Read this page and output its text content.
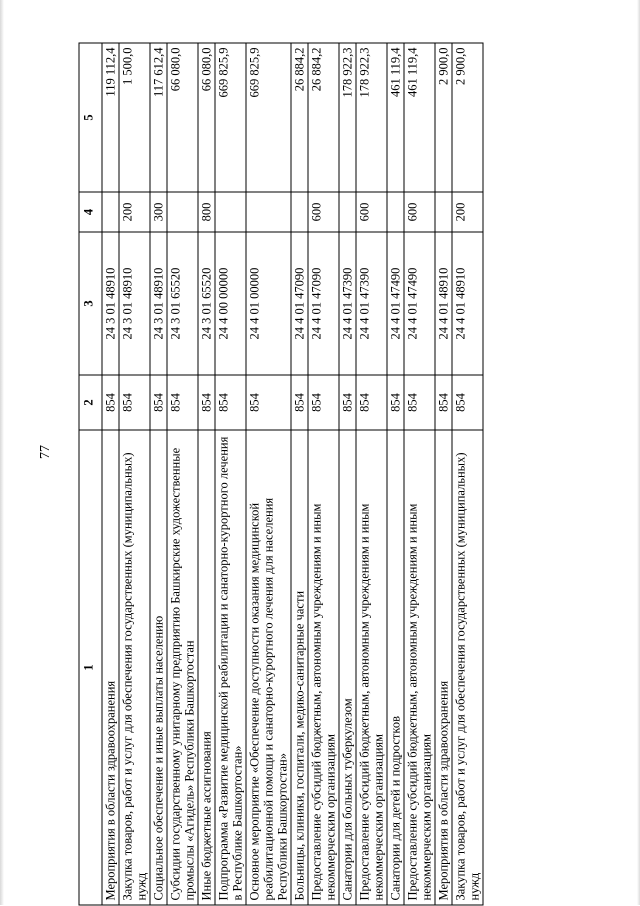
77
1	2	3	4	5
Мероприятия в области здравоохранения	854	24 3 01 48910		119 112,4
Закупка товаров, работ и услуг для обеспечения государственных (муниципальных) нужд	854	24 3 01 48910	200	1 500,0
Социальное обеспечение и иные выплаты населению	854	24 3 01 48910	300	117 612,4
Субсидии государственному унитарному предприятию Башкирские художественные промыслы «Агидель» Республики Башкортостан	854	24 3 01 65520		66 080,0
Иные бюджетные ассигнования	854	24 3 01 65520	800	66 080,0
Подпрограмма «Развитие медицинской реабилитации и санаторно-курортного лечения в Республике Башкортостан»	854	24 4 00 00000		669 825,9
Основное мероприятие «Обеспечение доступности оказания медицинской реабилитационной помощи и санаторно-курортного лечения для населения Республики Башкортостан»	854	24 4 01 00000		669 825,9
Больницы, клиники, госпитали, медико-санитарные части	854	24 4 01 47090		26 884,2
Предоставление субсидий бюджетным, автономным учреждениям и иным некоммерческим организациям	854	24 4 01 47090	600	26 884,2
Санатории для больных туберкулезом	854	24 4 01 47390		178 922,3
Предоставление субсидий бюджетным, автономным учреждениям и иным некоммерческим организациям	854	24 4 01 47390	600	178 922,3
Санатории для детей и подростков	854	24 4 01 47490		461 119,4
Предоставление субсидий бюджетным, автономным учреждениям и иным некоммерческим организациям	854	24 4 01 47490	600	461 119,4
Мероприятия в области здравоохранения	854	24 4 01 48910		2 900,0
Закупка товаров, работ и услуг для обеспечения государственных (муниципальных) нужд	854	24 4 01 48910	200	2 900,0
